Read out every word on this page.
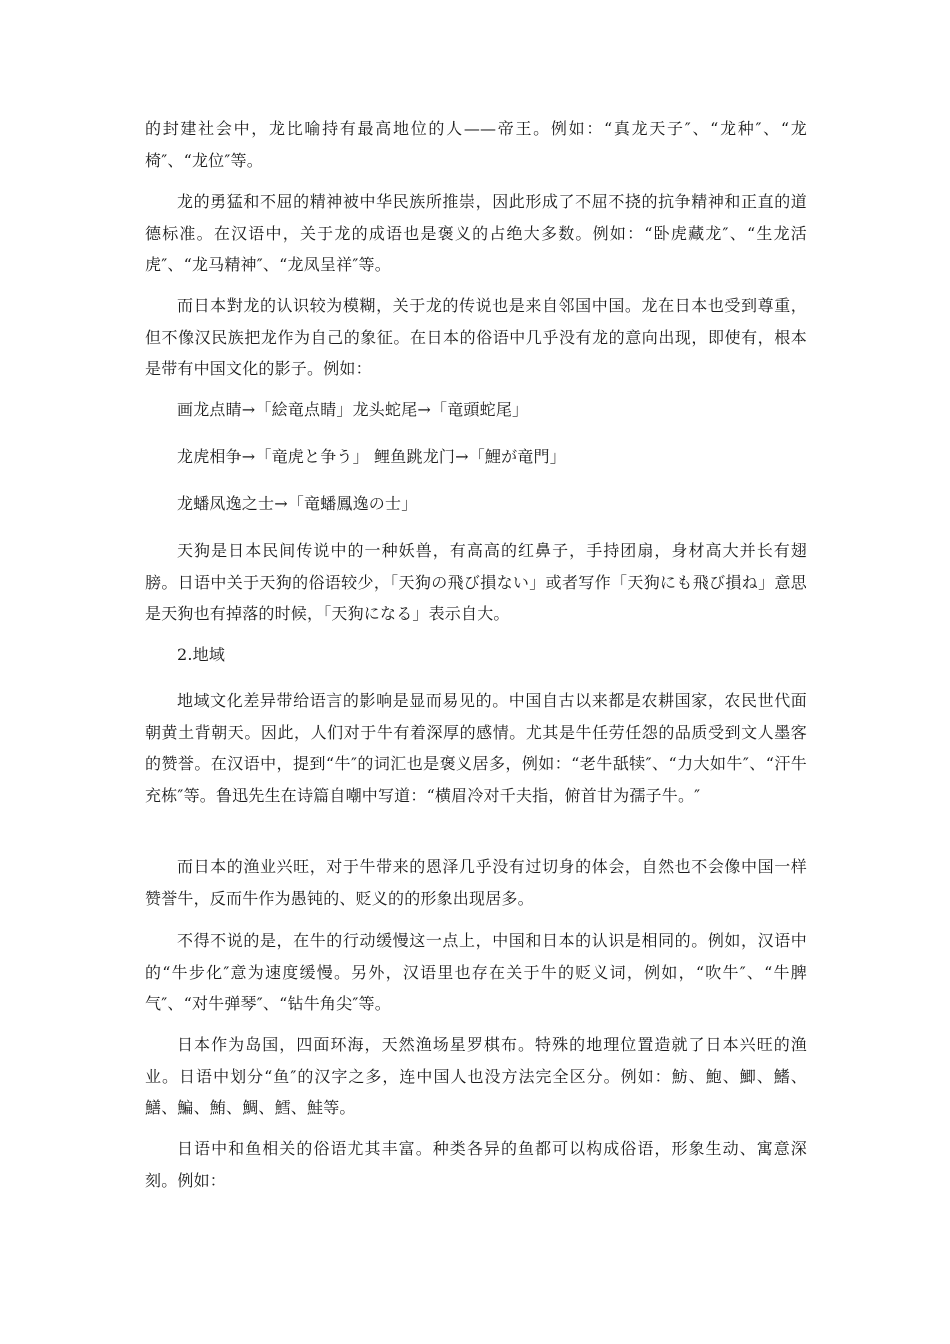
的封建社会中，龙比喻持有最高地位的人——帝王。例如：“真龙天子″、“龙种″、“龙椅″、“龙位″等。

龙的勇猛和不屈的精神被中华民族所推崇，因此形成了不屈不挠的抗争精神和正直的道德标准。在汉语中，关于龙的成语也是褒义的占绝大多数。例如：“卧虎藏龙″、“生龙活虎″、“龙马精神″、“龙凤呈祥″等。

而日本對龙的认识较为模糊，关于龙的传说也是来自邻国中国。龙在日本也受到尊重，但不像汉民族把龙作为自己的象征。在日本的俗语中几乎没有龙的意向出现，即使有，根本是带有中国文化的影子。例如：

画龙点睛→「絵竜点睛」龙头蛇尾→「竜頭蛇尾」

龙虎相争→「竜虎と争う」 鲤鱼跳龙门→「鯉が竜門」

龙蟠凤逸之士→「竜蟠鳳逸の士」

天狗是日本民间传说中的一种妖兽，有高高的红鼻子，手持团扇，身材高大并长有翅膀。日语中关于天狗的俗语较少，「天狗の飛び損ない」或者写作「天狗にも飛び損ね」意思是天狗也有掉落的时候，「天狗になる」表示自大。

2.地域

地域文化差异带给语言的影响是显而易见的。中国自古以来都是农耕国家，农民世代面朝黄土背朝天。因此，人们对于牛有着深厚的感情。尤其是牛任劳任怨的品质受到文人墨客的赞誉。在汉语中，提到“牛″的词汇也是褒义居多，例如：“老牛舐犊″、“力大如牛″、“汗牛充栋″等。鲁迅先生在诗篇自嘲中写道：“横眉冷对千夫指，俯首甘为孺子牛。″

而日本的渔业兴旺，对于牛带来的恩泽几乎没有过切身的体会，自然也不会像中国一样赞誉牛，反而牛作为愚钝的、贬义的的形象出现居多。

不得不说的是，在牛的行动缓慢这一点上，中国和日本的认识是相同的。例如，汉语中的“牛步化″意为速度缓慢。另外，汉语里也存在关于牛的贬义词，例如，“吹牛″、“牛脾气″、“对牛弹琴″、“钻牛角尖″等。

日本作为岛国，四面环海，天然渔场星罗棋布。特殊的地理位置造就了日本兴旺的渔业。日语中划分“鱼″的汉字之多，连中国人也没方法完全区分。例如：魴、鮑、鯽、鰭、鱔、鯿、鮪、鯛、鱈、鮭等。

日语中和鱼相关的俗语尤其丰富。种类各异的鱼都可以构成俗语，形象生动、寓意深刻。例如：
